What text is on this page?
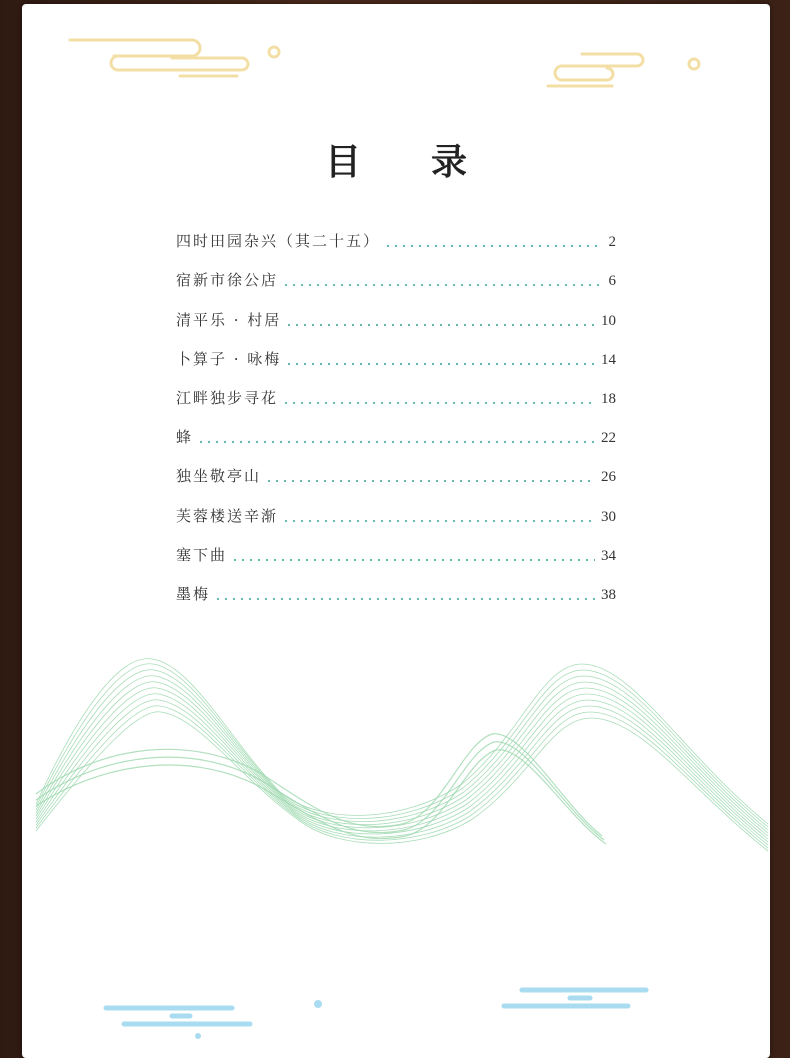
目 录
四时田园杂兴（其二十五）	2
宿新市徐公店	6
清平乐 · 村居	10
卜算子 · 咏梅	14
江畔独步寻花	18
蜂	22
独坐敬亭山	26
芙蓉楼送辛渐	30
塞下曲	34
墨梅	38
